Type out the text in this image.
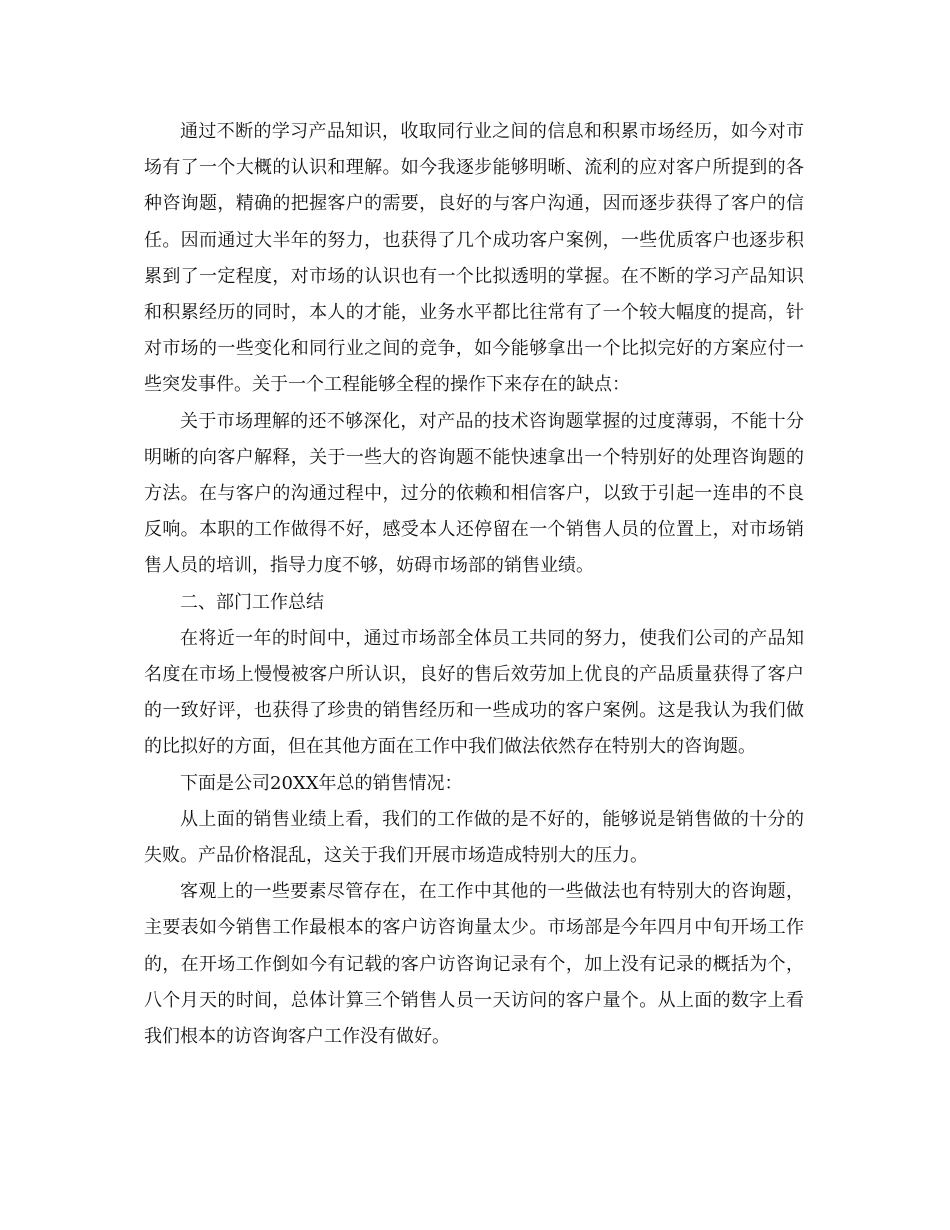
通过不断的学习产品知识，收取同行业之间的信息和积累市场经历，如今对市场有了一个大概的认识和理解。如今我逐步能够明晰、流利的应对客户所提到的各种咨询题，精确的把握客户的需要，良好的与客户沟通，因而逐步获得了客户的信任。因而通过大半年的努力，也获得了几个成功客户案例，一些优质客户也逐步积累到了一定程度，对市场的认识也有一个比拟透明的掌握。在不断的学习产品知识和积累经历的同时，本人的才能，业务水平都比往常有了一个较大幅度的提高，针对市场的一些变化和同行业之间的竞争，如今能够拿出一个比拟完好的方案应付一些突发事件。关于一个工程能够全程的操作下来存在的缺点：

关于市场理解的还不够深化，对产品的技术咨询题掌握的过度薄弱，不能十分明晰的向客户解释，关于一些大的咨询题不能快速拿出一个特别好的处理咨询题的方法。在与客户的沟通过程中，过分的依赖和相信客户，以致于引起一连串的不良反响。本职的工作做得不好，感受本人还停留在一个销售人员的位置上，对市场销售人员的培训，指导力度不够，妨碍市场部的销售业绩。

二、部门工作总结

在将近一年的时间中，通过市场部全体员工共同的努力，使我们公司的产品知名度在市场上慢慢被客户所认识，良好的售后效劳加上优良的产品质量获得了客户的一致好评，也获得了珍贵的销售经历和一些成功的客户案例。这是我认为我们做的比拟好的方面，但在其他方面在工作中我们做法依然存在特别大的咨询题。

下面是公司20XX年总的销售情况：

从上面的销售业绩上看，我们的工作做的是不好的，能够说是销售做的十分的失败。产品价格混乱，这关于我们开展市场造成特别大的压力。

客观上的一些要素尽管存在，在工作中其他的一些做法也有特别大的咨询题，主要表如今销售工作最根本的客户访咨询量太少。市场部是今年四月中旬开场工作的，在开场工作倒如今有记载的客户访咨询记录有个，加上没有记录的概括为个，八个月天的时间，总体计算三个销售人员一天访问的客户量个。从上面的数字上看我们根本的访咨询客户工作没有做好。
